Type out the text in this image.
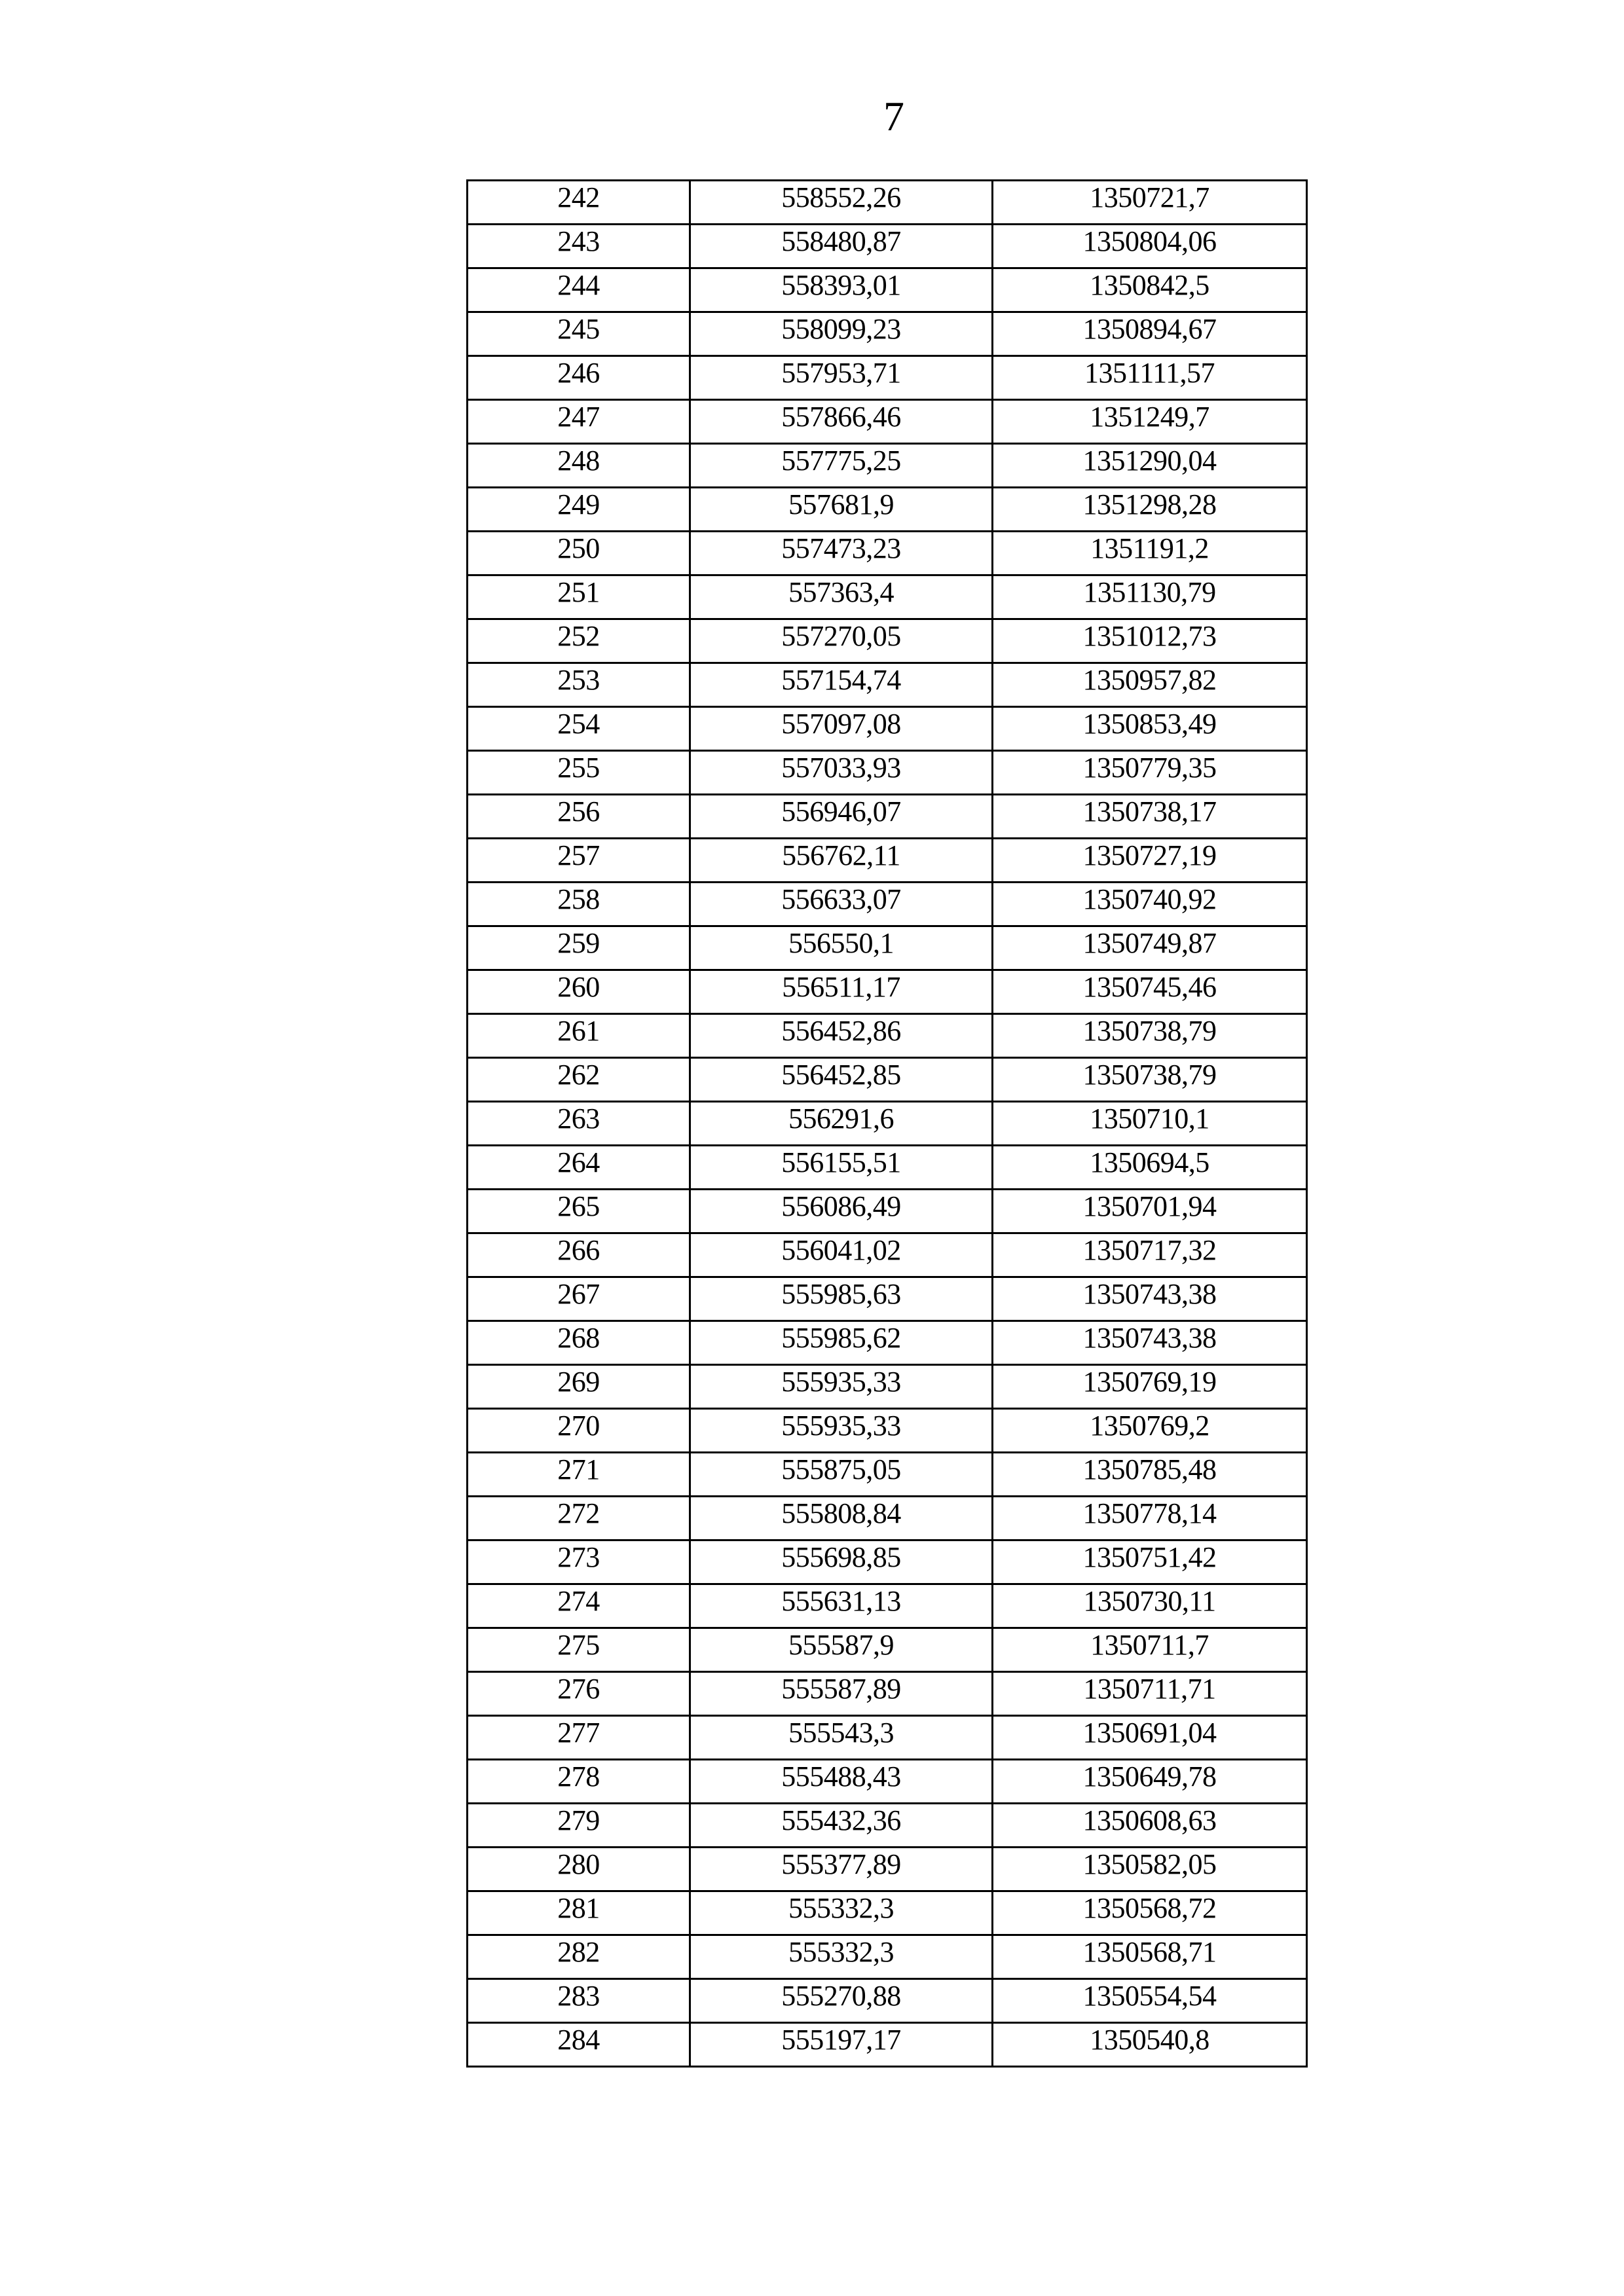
7
242	558552,26	1350721,7
243	558480,87	1350804,06
244	558393,01	1350842,5
245	558099,23	1350894,67
246	557953,71	1351111,57
247	557866,46	1351249,7
248	557775,25	1351290,04
249	557681,9	1351298,28
250	557473,23	1351191,2
251	557363,4	1351130,79
252	557270,05	1351012,73
253	557154,74	1350957,82
254	557097,08	1350853,49
255	557033,93	1350779,35
256	556946,07	1350738,17
257	556762,11	1350727,19
258	556633,07	1350740,92
259	556550,1	1350749,87
260	556511,17	1350745,46
261	556452,86	1350738,79
262	556452,85	1350738,79
263	556291,6	1350710,1
264	556155,51	1350694,5
265	556086,49	1350701,94
266	556041,02	1350717,32
267	555985,63	1350743,38
268	555985,62	1350743,38
269	555935,33	1350769,19
270	555935,33	1350769,2
271	555875,05	1350785,48
272	555808,84	1350778,14
273	555698,85	1350751,42
274	555631,13	1350730,11
275	555587,9	1350711,7
276	555587,89	1350711,71
277	555543,3	1350691,04
278	555488,43	1350649,78
279	555432,36	1350608,63
280	555377,89	1350582,05
281	555332,3	1350568,72
282	555332,3	1350568,71
283	555270,88	1350554,54
284	555197,17	1350540,8
